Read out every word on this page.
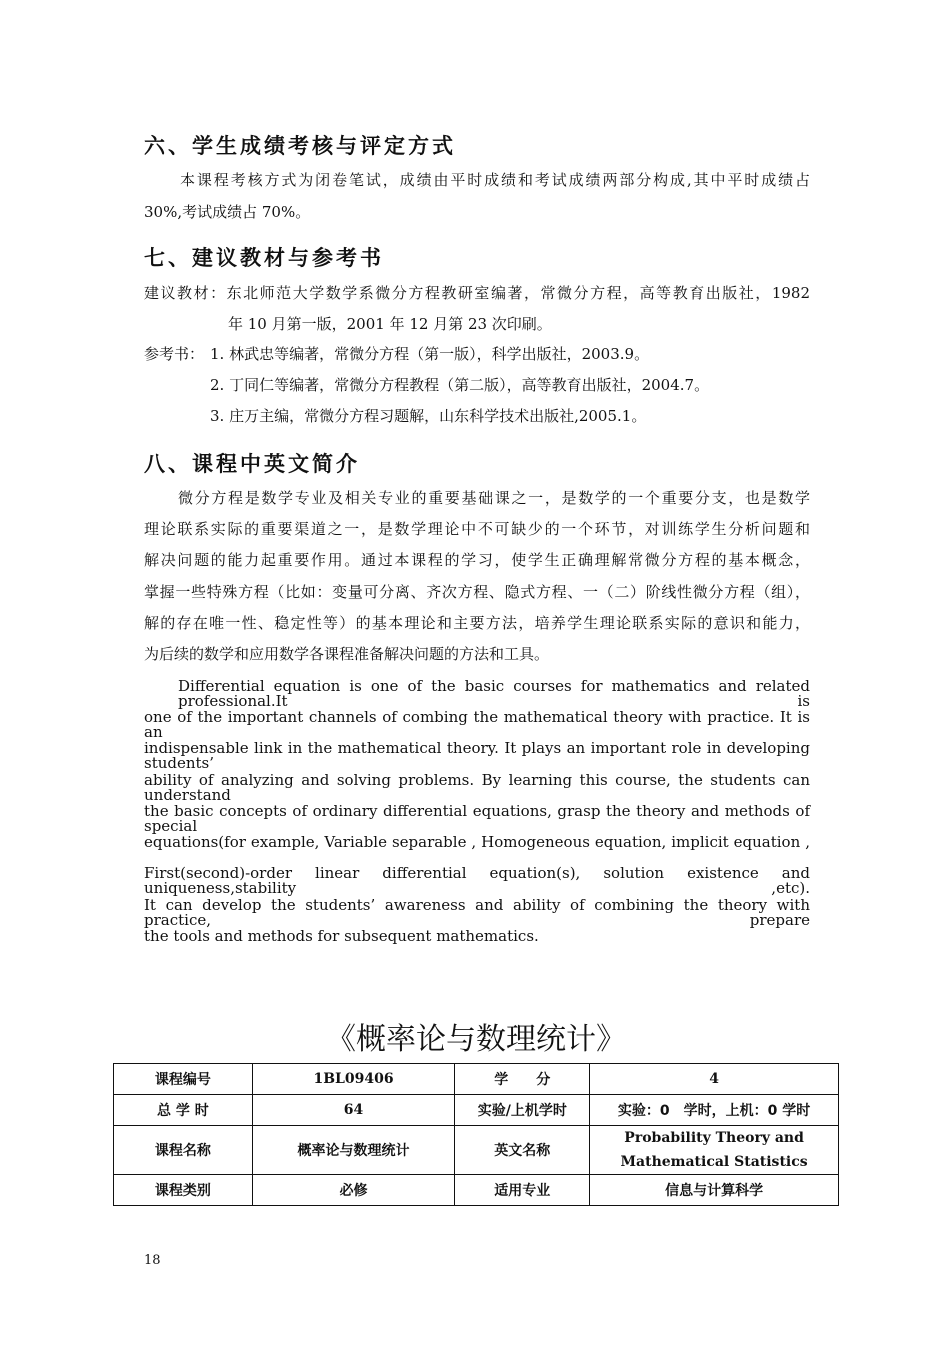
六、学生成绩考核与评定方式
本课程考核方式为闭卷笔试，成绩由平时成绩和考试成绩两部分构成,其中平时成绩占
30%,考试成绩占 70%。
七、建议教材与参考书
建议教材：东北师范大学数学系微分方程教研室编著，常微分方程，高等教育出版社，1982
年 10 月第一版，2001 年 12 月第 23 次印刷。
参考书： 1. 林武忠等编著，常微分方程（第一版），科学出版社，2003.9。
2. 丁同仁等编著，常微分方程教程（第二版），高等教育出版社，2004.7。
3. 庄万主编，常微分方程习题解，山东科学技术出版社,2005.1。
八、课程中英文简介
微分方程是数学专业及相关专业的重要基础课之一，是数学的一个重要分支，也是数学
理论联系实际的重要渠道之一，是数学理论中不可缺少的一个环节，对训练学生分析问题和
解决问题的能力起重要作用。通过本课程的学习，使学生正确理解常微分方程的基本概念，
掌握一些特殊方程（比如：变量可分离、齐次方程、隐式方程、一（二）阶线性微分方程（组），
解的存在唯一性、稳定性等）的基本理论和主要方法，培养学生理论联系实际的意识和能力，
为后续的数学和应用数学各课程准备解决问题的方法和工具。
Differential equation is one of the basic courses for mathematics and related professional.It is
one of the important channels of combing the mathematical theory with practice. It is an
indispensable link in the mathematical theory. It plays an important role in developing students’
ability of analyzing and solving problems. By learning this course, the students can understand
the basic concepts of ordinary differential equations, grasp the theory and methods of special
equations(for example, Variable separable , Homogeneous equation, implicit equation ,
First(second)-order linear differential equation(s), solution existence and uniqueness,stability ,etc).
It can develop the students’ awareness and ability of combining the theory with practice, prepare
the tools and methods for subsequent mathematics.
《概率论与数理统计》
课程编号	1BL09406	学　　分	4
总 学 时	64	实验/上机学时	实验：0　学时，上机：0 学时
课程名称	概率论与数理统计	英文名称	Probability Theory and
Mathematical Statistics

课程类别	必修	适用专业	信息与计算科学
18
